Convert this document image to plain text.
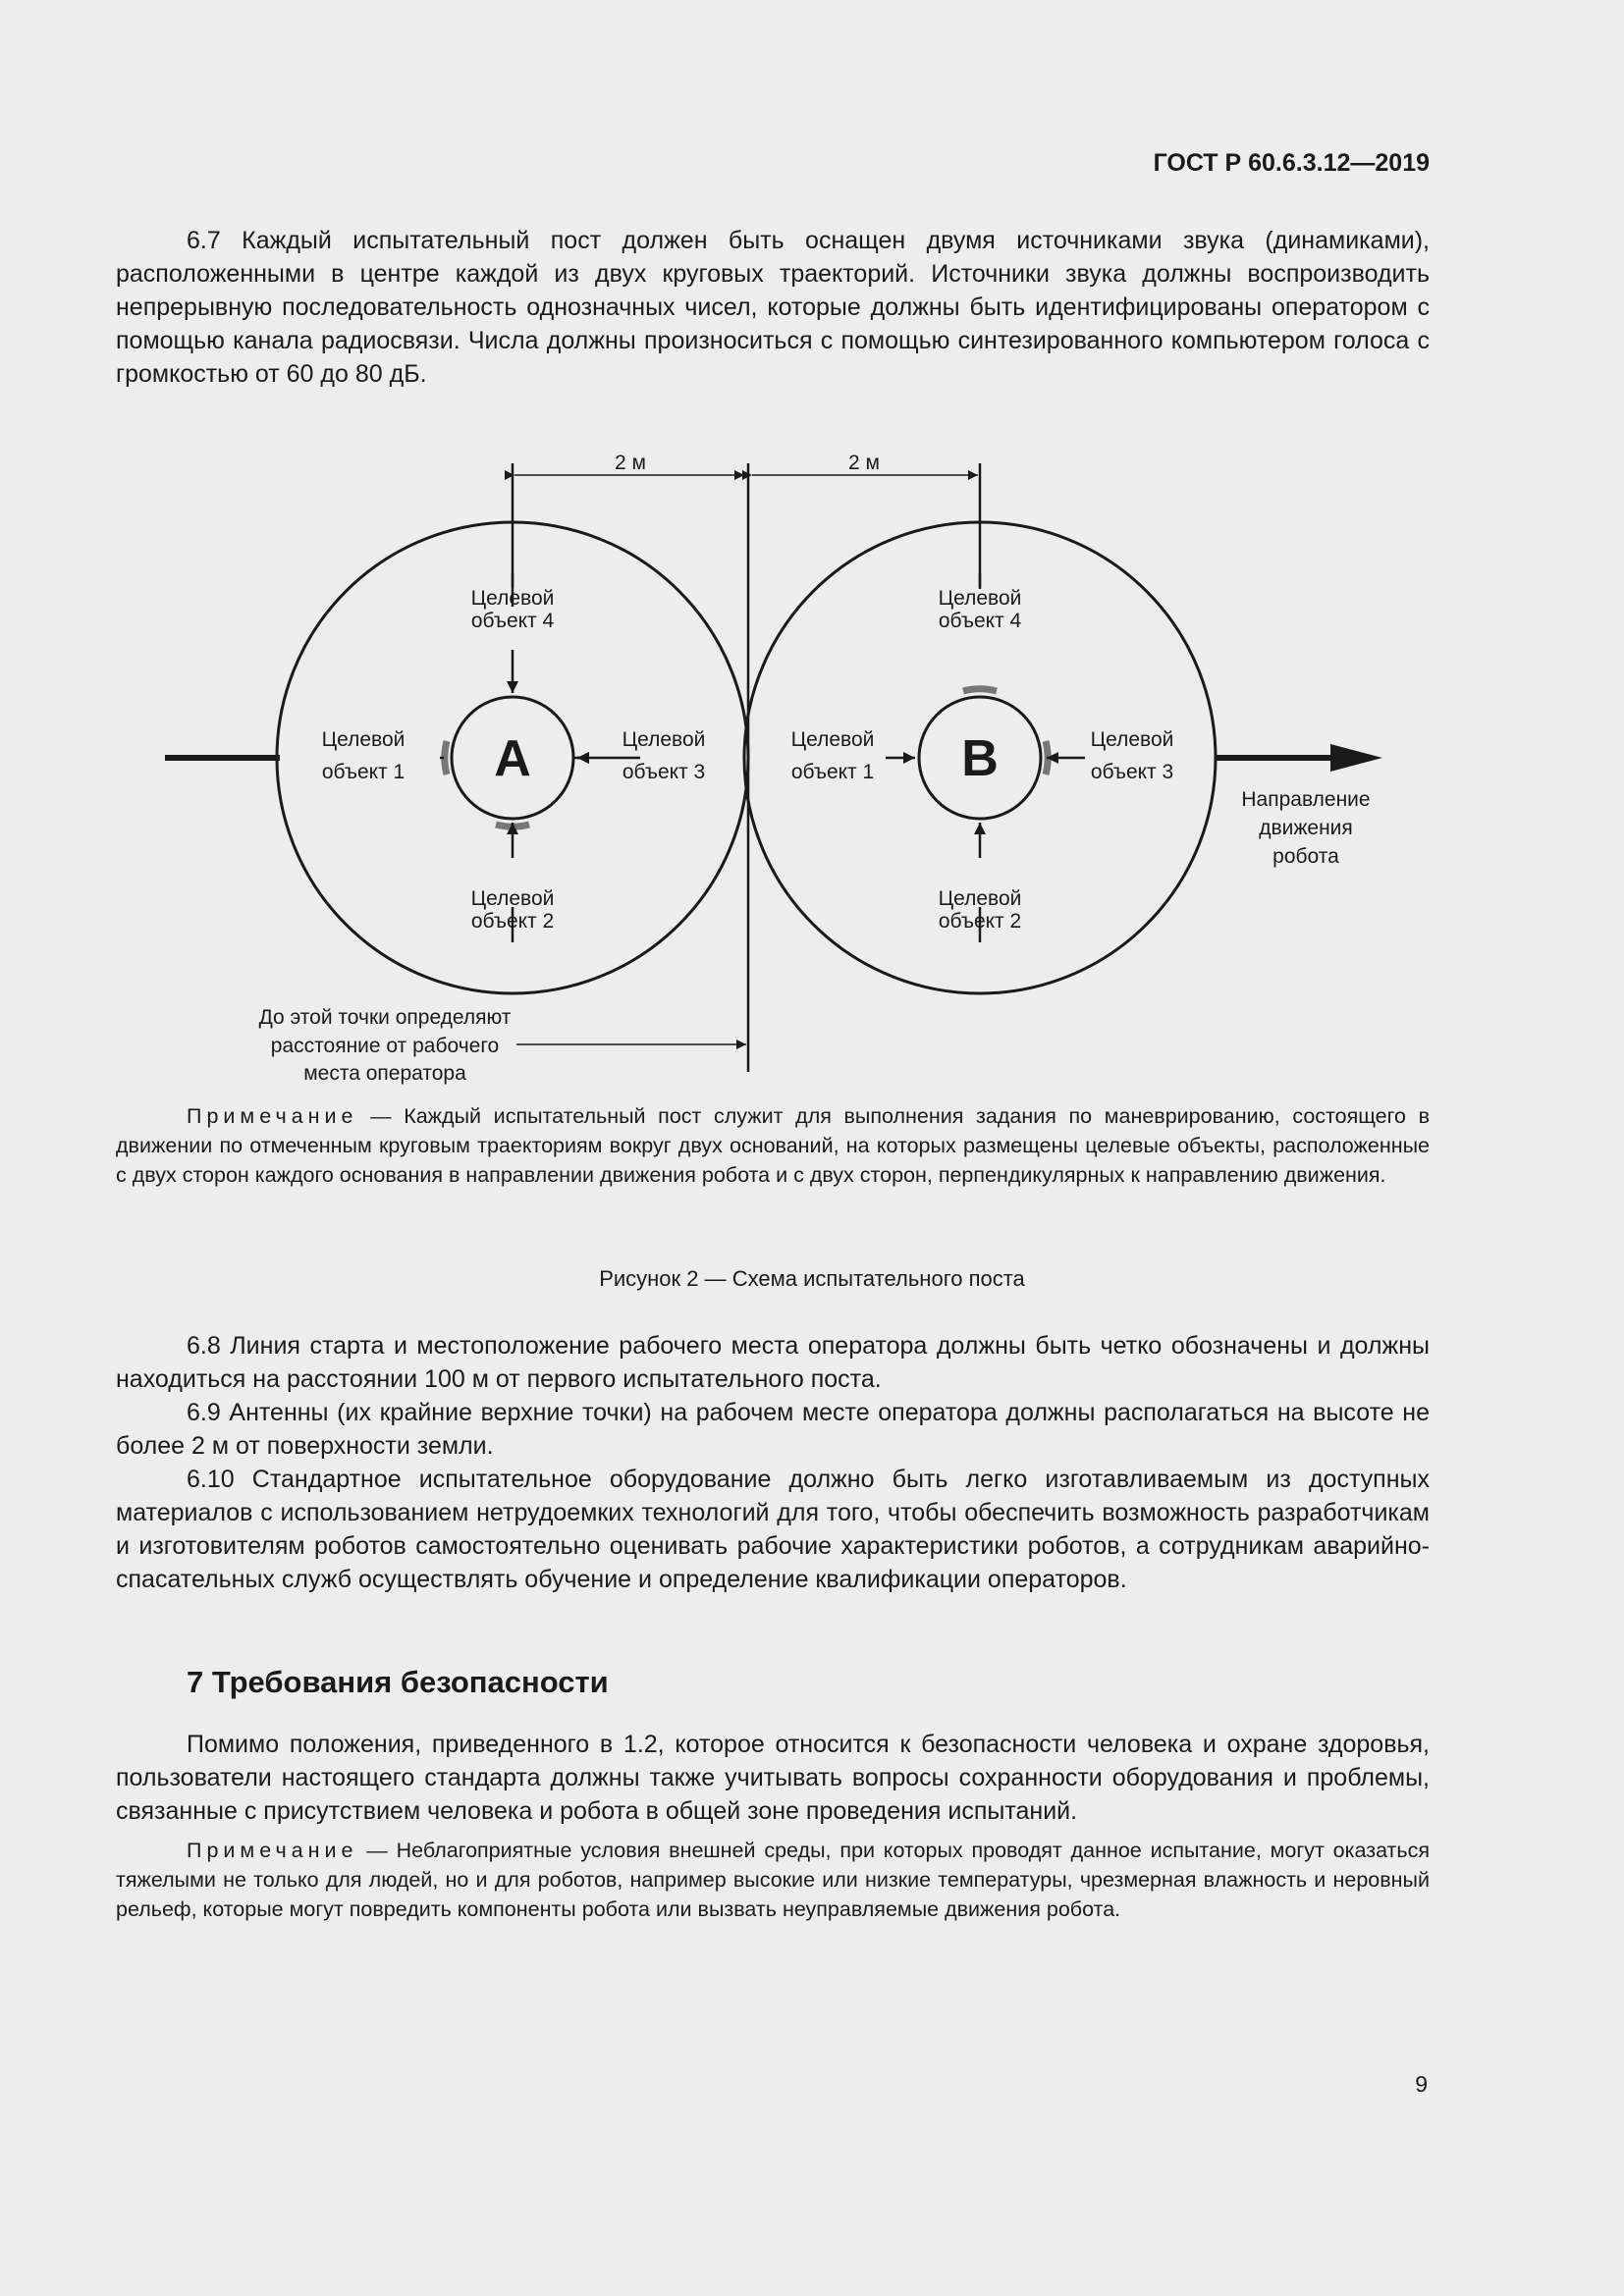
ГОСТ Р 60.6.3.12—2019

6.7 Каждый испытательный пост должен быть оснащен двумя источниками звука (динамиками), расположенными в центре каждой из двух круговых траекторий. Источники звука должны воспроизводить непрерывную последовательность однозначных чисел, которые должны быть идентифицированы оператором с помощью канала радиосвязи. Числа должны произноситься с помощью синтезированного компьютером голоса с громкостью от 60 до 80 дБ.

2 м	2 м
A	B
Целевой
объект 4
Целевой
объект 2
Целевой
объект 1
Целевой
объект 3
Целевой
объект 4
Целевой
объект 2
Целевой
объект 1
Целевой
объект 3
Направление
движения
робота
До этой точки определяют
расстояние от рабочего
места оператора

Примечание — Каждый испытательный пост служит для выполнения задания по маневрированию, состоящего в движении по отмеченным круговым траекториям вокруг двух оснований, на которых размещены целевые объекты, расположенные с двух сторон каждого основания в направлении движения робота и с двух сторон, перпендикулярных к направлению движения.

Рисунок 2 — Схема испытательного поста

6.8 Линия старта и местоположение рабочего места оператора должны быть четко обозначены и должны находиться на расстоянии 100 м от первого испытательного поста.

6.9 Антенны (их крайние верхние точки) на рабочем месте оператора должны располагаться на высоте не более 2 м от поверхности земли.

6.10 Стандартное испытательное оборудование должно быть легко изготавливаемым из доступных материалов с использованием нетрудоемких технологий для того, чтобы обеспечить возможность разработчикам и изготовителям роботов самостоятельно оценивать рабочие характеристики роботов, а сотрудникам аварийно-спасательных служб осуществлять обучение и определение квалификации операторов.

7 Требования безопасности

Помимо положения, приведенного в 1.2, которое относится к безопасности человека и охране здоровья, пользователи настоящего стандарта должны также учитывать вопросы сохранности оборудования и проблемы, связанные с присутствием человека и робота в общей зоне проведения испытаний.

Примечание — Неблагоприятные условия внешней среды, при которых проводят данное испытание, могут оказаться тяжелыми не только для людей, но и для роботов, например высокие или низкие температуры, чрезмерная влажность и неровный рельеф, которые могут повредить компоненты робота или вызвать неуправляемые движения робота.

9
